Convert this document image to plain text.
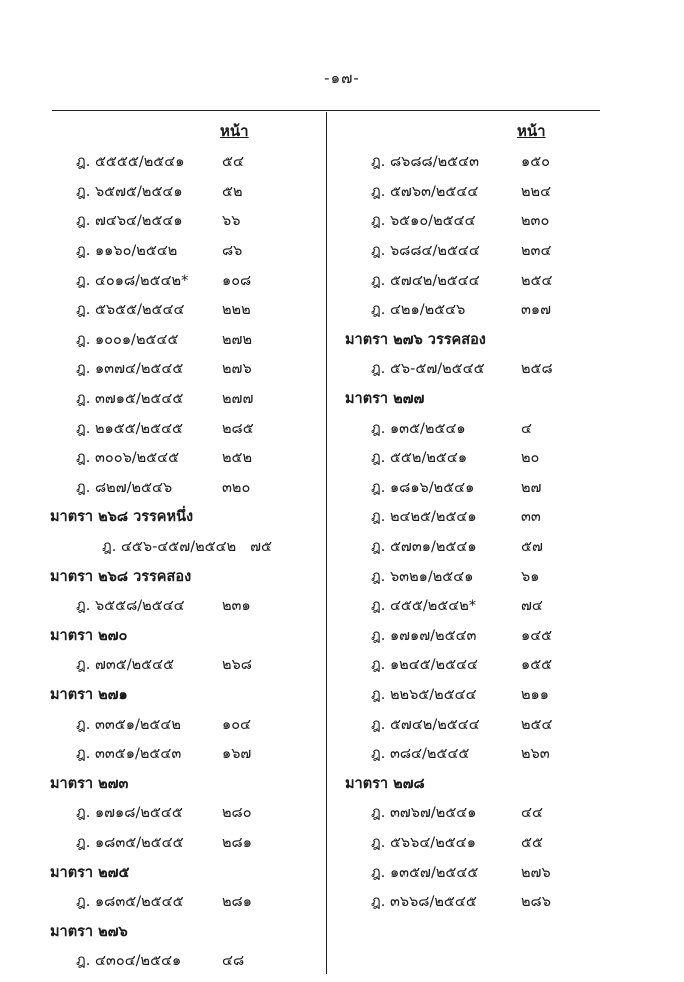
-๑๗-
หน้า
ฎ. ๕๕๕๕/๒๕๔๑	๕๔
ฎ. ๖๕๗๕/๒๕๔๑	๕๒
ฎ. ๗๔๖๔/๒๕๔๑	๖๖
ฎ. ๑๑๖๐/๒๕๔๒	๘๖
ฎ. ๔๐๑๘/๒๕๔๒*	๑๐๘
ฎ. ๕๖๕๕/๒๕๔๔	๒๒๒
ฎ. ๑๐๐๑/๒๕๔๕	๒๗๒
ฎ. ๑๓๗๔/๒๕๔๕	๒๗๖
ฎ. ๓๗๑๕/๒๕๔๕	๒๗๗
ฎ. ๒๑๕๕/๒๕๔๕	๒๘๕
ฎ. ๓๐๐๖/๒๕๔๕	๒๕๒
ฎ. ๘๒๗/๒๕๔๖	๓๒๐
มาตรา ๒๖๘ วรรคหนึ่ง
ฎ. ๔๕๖-๔๕๗/๒๕๔๒ ๗๕
มาตรา ๒๖๘ วรรคสอง
ฎ. ๖๕๕๘/๒๕๔๔	๒๓๑
มาตรา ๒๗๐
ฎ. ๗๓๕/๒๕๔๕	๒๖๘
มาตรา ๒๗๑
ฎ. ๓๓๕๑/๒๕๔๒	๑๐๔
ฎ. ๓๓๕๑/๒๕๔๓	๑๖๗
มาตรา ๒๗๓
ฎ. ๑๗๑๘/๒๕๔๕	๒๘๐
ฎ. ๑๘๓๕/๒๕๔๕	๒๘๑
มาตรา ๒๗๕
ฎ. ๑๘๓๕/๒๕๔๕	๒๘๑
มาตรา ๒๗๖
ฎ. ๔๓๐๔/๒๕๔๑	๔๘
หน้า
ฎ. ๘๖๘๘/๒๕๔๓	๑๕๐
ฎ. ๕๗๖๓/๒๕๔๔	๒๒๔
ฎ. ๖๕๑๐/๒๕๔๔	๒๓๐
ฎ. ๖๘๘๔/๒๕๔๔	๒๓๔
ฎ. ๕๗๔๒/๒๕๔๔	๒๕๔
ฎ. ๔๒๑/๒๕๔๖	๓๑๗
มาตรา ๒๗๖ วรรคสอง
ฎ. ๕๖-๕๗/๒๕๔๕	๒๕๘
มาตรา ๒๗๗
ฎ. ๑๓๕/๒๕๔๑	๔
ฎ. ๕๕๒/๒๕๔๑	๒๐
ฎ. ๑๘๑๖/๒๕๔๑	๒๗
ฎ. ๒๔๒๕/๒๕๔๑	๓๓
ฎ. ๕๗๓๑/๒๕๔๑	๕๗
ฎ. ๖๓๒๑/๒๕๔๑	๖๑
ฎ. ๔๕๕/๒๕๔๒*	๗๔
ฎ. ๑๗๑๗/๒๕๔๓	๑๔๕
ฎ. ๑๒๔๕/๒๕๔๔	๑๕๕
ฎ. ๒๒๖๕/๒๕๔๔	๒๑๑
ฎ. ๕๗๔๒/๒๕๔๔	๒๕๔
ฎ. ๓๘๔/๒๕๔๕	๒๖๓
มาตรา ๒๗๘
ฎ. ๓๗๖๗/๒๕๔๑	๔๔
ฎ. ๕๖๖๔/๒๕๔๑	๕๕
ฎ. ๑๓๕๗/๒๕๔๕	๒๗๖
ฎ. ๓๖๖๘/๒๕๔๕	๒๘๖
